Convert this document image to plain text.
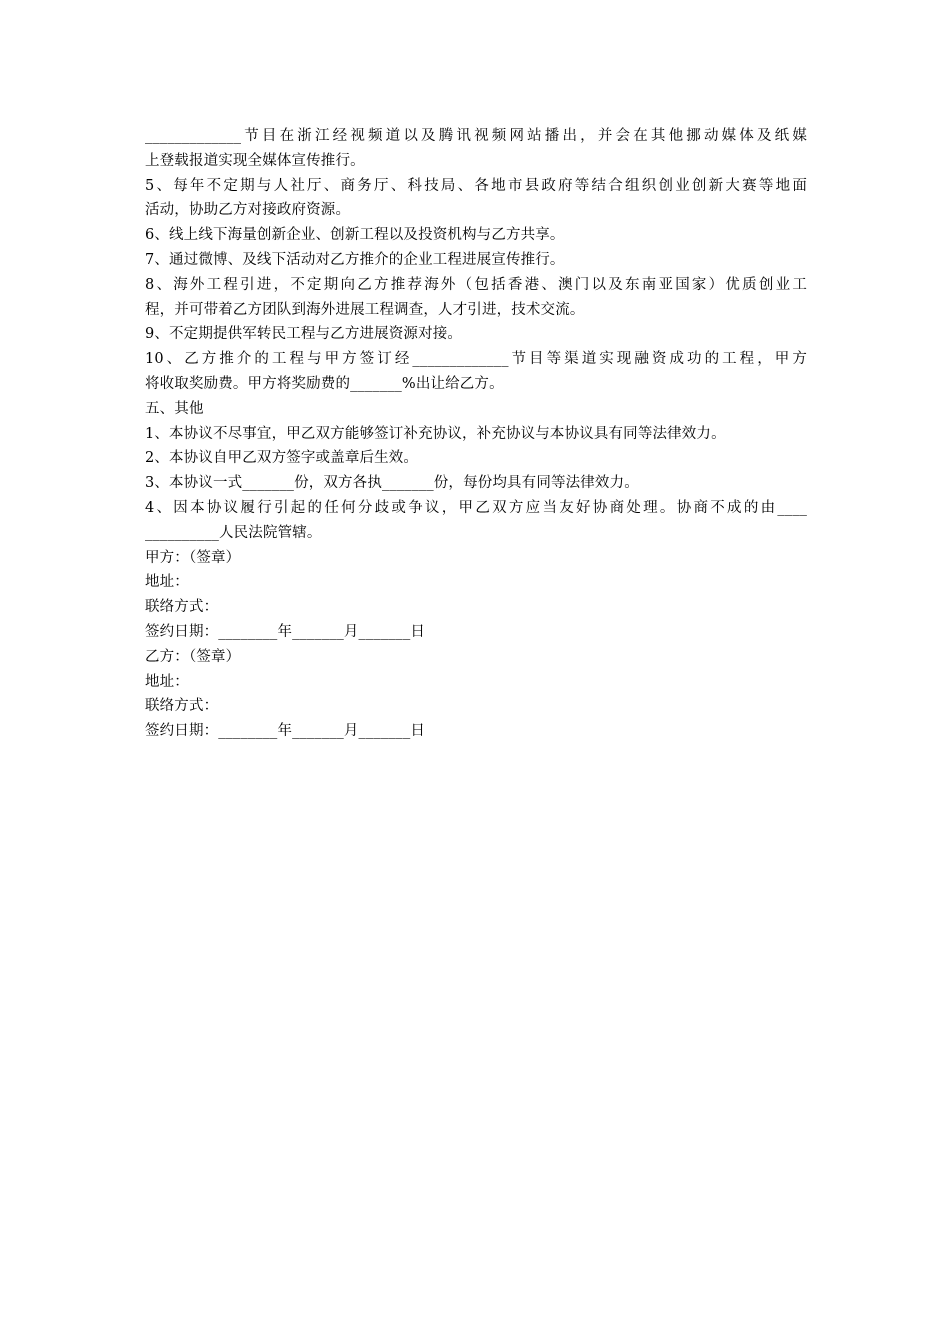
_____________节目在浙江经视频道以及腾讯视频网站播出，并会在其他挪动媒体及纸媒
上登载报道实现全媒体宣传推行。
5、每年不定期与人社厅、商务厅、科技局、各地市县政府等结合组织创业创新大赛等地面
活动，协助乙方对接政府资源。
6、线上线下海量创新企业、创新工程以及投资机构与乙方共享。
7、通过微博、及线下活动对乙方推介的企业工程进展宣传推行。
8、海外工程引进，不定期向乙方推荐海外（包括香港、澳门以及东南亚国家）优质创业工
程，并可带着乙方团队到海外进展工程调查，人才引进，技术交流。
9、不定期提供军转民工程与乙方进展资源对接。
10、乙方推介的工程与甲方签订经_____________节目等渠道实现融资成功的工程，甲方
将收取奖励费。甲方将奖励费的_______%出让给乙方。
五、其他
1、本协议不尽事宜，甲乙双方能够签订补充协议，补充协议与本协议具有同等法律效力。
2、本协议自甲乙双方签字或盖章后生效。
3、本协议一式_______份，双方各执_______份，每份均具有同等法律效力。
4、因本协议履行引起的任何分歧或争议，甲乙双方应当友好协商处理。协商不成的由____
__________人民法院管辖。
甲方：（签章）
地址：
联络方式：
签约日期：________年_______月_______日
乙方：（签章）
地址：
联络方式：
签约日期：________年_______月_______日
